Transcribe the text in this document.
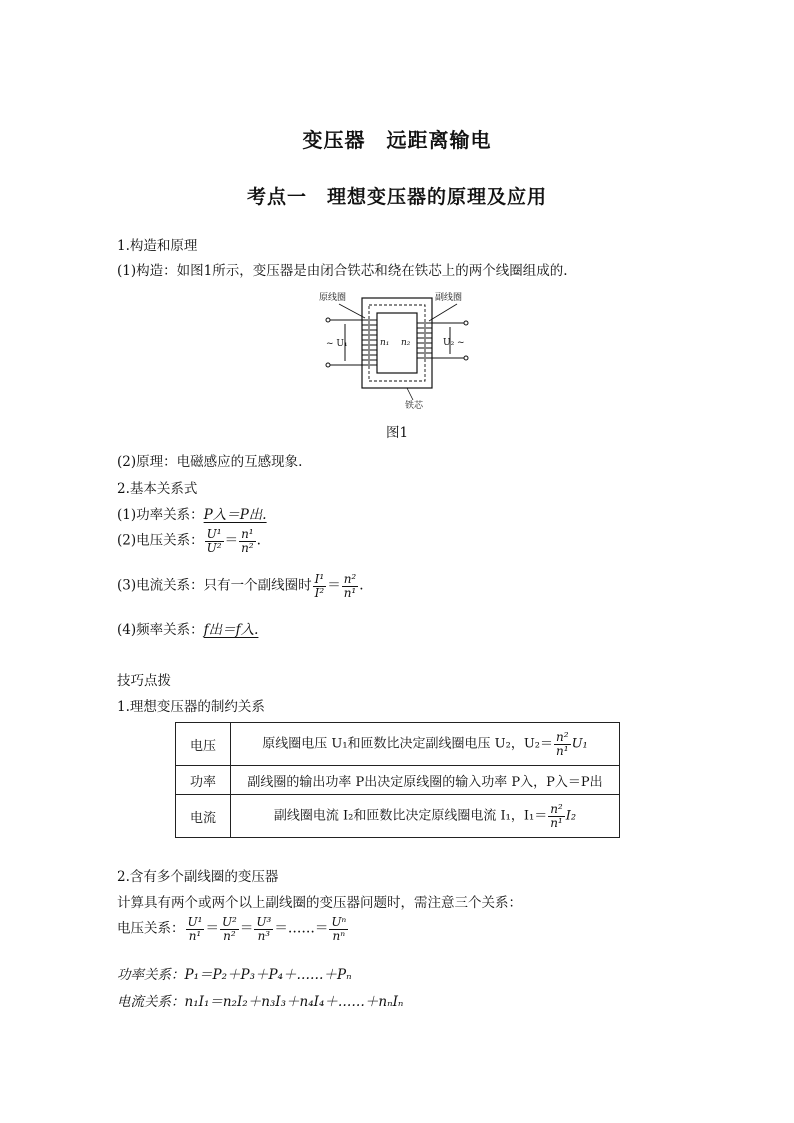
变压器　远距离输电
考点一　理想变压器的原理及应用
1.构造和原理
(1)构造：如图1所示，变压器是由闭合铁芯和绕在铁芯上的两个线圈组成的.
原线圈	副线圈
铁芯
n₁ n₂
~ U₁	U₂ ~
图1
(2)原理：电磁感应的互感现象.
2.基本关系式
(1)功率关系：P入＝P出.
(2)电压关系： $\frac{\text{U¹}}{\text{U²}} = \frac{\text{n¹}}{\text{n²}}$ .
(3)电流关系：只有一个副线圈时 $\frac{\text{I¹}}{\text{I²}} = \frac{\text{n²}}{\text{n¹}}$ .
(4)频率关系：f出＝f入.
技巧点拨
1.理想变压器的制约关系
电压	原线圈电压 U₁和匝数比决定副线圈电压 U₂，$U_2= \frac{\text{n²}}{\text{n¹}} U_1$
功率	副线圈的输出功率 P出决定原线圈的输入功率 P入，P入＝P出
电流	副线圈电流 I₂和匝数比决定原线圈电流 I₁，$I_1= \frac{\text{n²}}{\text{n¹}} I_2$
2.含有多个副线圈的变压器
计算具有两个或两个以上副线圈的变压器问题时，需注意三个关系：
电压关系： $\frac{\text{U¹}}{\text{n¹}} = \frac{\text{U²}}{\text{n²}} = \frac{\text{U³}}{\text{n³}}$ ＝……＝ $\frac{\text{Uⁿ}}{\text{nⁿ}}$
功率关系：P₁＝P₂＋P₃＋P₄＋……＋Pₙ
电流关系：n₁I₁＝n₂I₂＋n₃I₃＋n₄I₄＋……＋nₙIₙ
